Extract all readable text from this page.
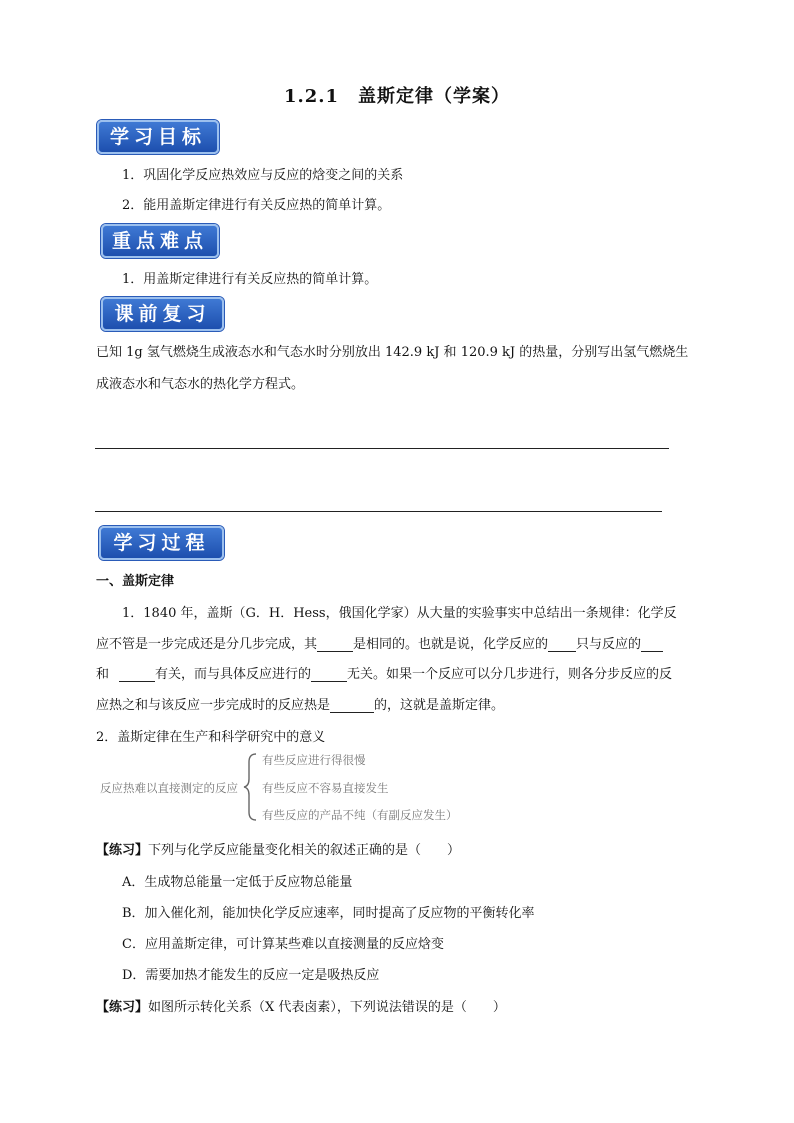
1.2.1　盖斯定律（学案）
学习目标
1．巩固化学反应热效应与反应的焓变之间的关系
2．能用盖斯定律进行有关反应热的简单计算。
重点难点
1．用盖斯定律进行有关反应热的简单计算。
课前复习
已知 1g 氢气燃烧生成液态水和气态水时分别放出 142.9 kJ 和 120.9 kJ 的热量，分别写出氢气燃烧生
成液态水和气态水的热化学方程式。
学习过程
一、盖斯定律
1．1840 年，盖斯（G．H．Hess，俄国化学家）从大量的实验事实中总结出一条规律：化学反
应不管是一步完成还是分几步完成，其	是相同的。也就是说，化学反应的 只与反应的
和	有关，而与具体反应进行的	无关。如果一个反应可以分几步进行，则各分步反应的反
应热之和与该反应一步完成时的反应热是	的，这就是盖斯定律。
2．盖斯定律在生产和科学研究中的意义
反应热难以直接测定的反应
有些反应进行得很慢
有些反应不容易直接发生
有些反应的产品不纯（有副反应发生）
【练习】下列与化学反应能量变化相关的叙述正确的是（　　）
A．生成物总能量一定低于反应物总能量
B．加入催化剂，能加快化学反应速率，同时提高了反应物的平衡转化率
C．应用盖斯定律，可计算某些难以直接测量的反应焓变
D．需要加热才能发生的反应一定是吸热反应
【练习】如图所示转化关系（X 代表卤素），下列说法错误的是（　　）
